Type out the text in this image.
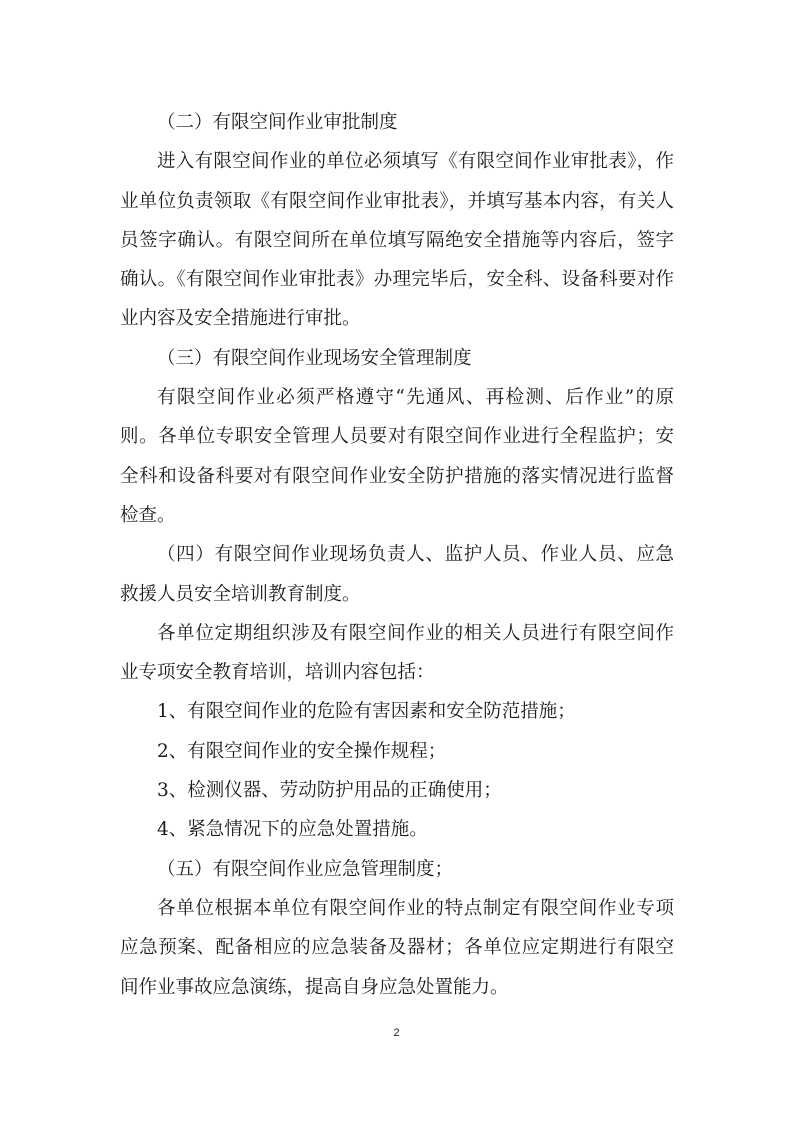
（二）有限空间作业审批制度

进入有限空间作业的单位必须填写《有限空间作业审批表》，作业单位负责领取《有限空间作业审批表》，并填写基本内容，有关人员签字确认。有限空间所在单位填写隔绝安全措施等内容后，签字确认。《有限空间作业审批表》办理完毕后，安全科、设备科要对作业内容及安全措施进行审批。

（三）有限空间作业现场安全管理制度

有限空间作业必须严格遵守“先通风、再检测、后作业”的原则。各单位专职安全管理人员要对有限空间作业进行全程监护；安全科和设备科要对有限空间作业安全防护措施的落实情况进行监督检查。

（四）有限空间作业现场负责人、监护人员、作业人员、应急救援人员安全培训教育制度。

各单位定期组织涉及有限空间作业的相关人员进行有限空间作业专项安全教育培训，培训内容包括：

1、有限空间作业的危险有害因素和安全防范措施；

2、有限空间作业的安全操作规程；

3、检测仪器、劳动防护用品的正确使用；

4、紧急情况下的应急处置措施。

（五）有限空间作业应急管理制度；

各单位根据本单位有限空间作业的特点制定有限空间作业专项应急预案、配备相应的应急装备及器材；各单位应定期进行有限空间作业事故应急演练，提高自身应急处置能力。

2
